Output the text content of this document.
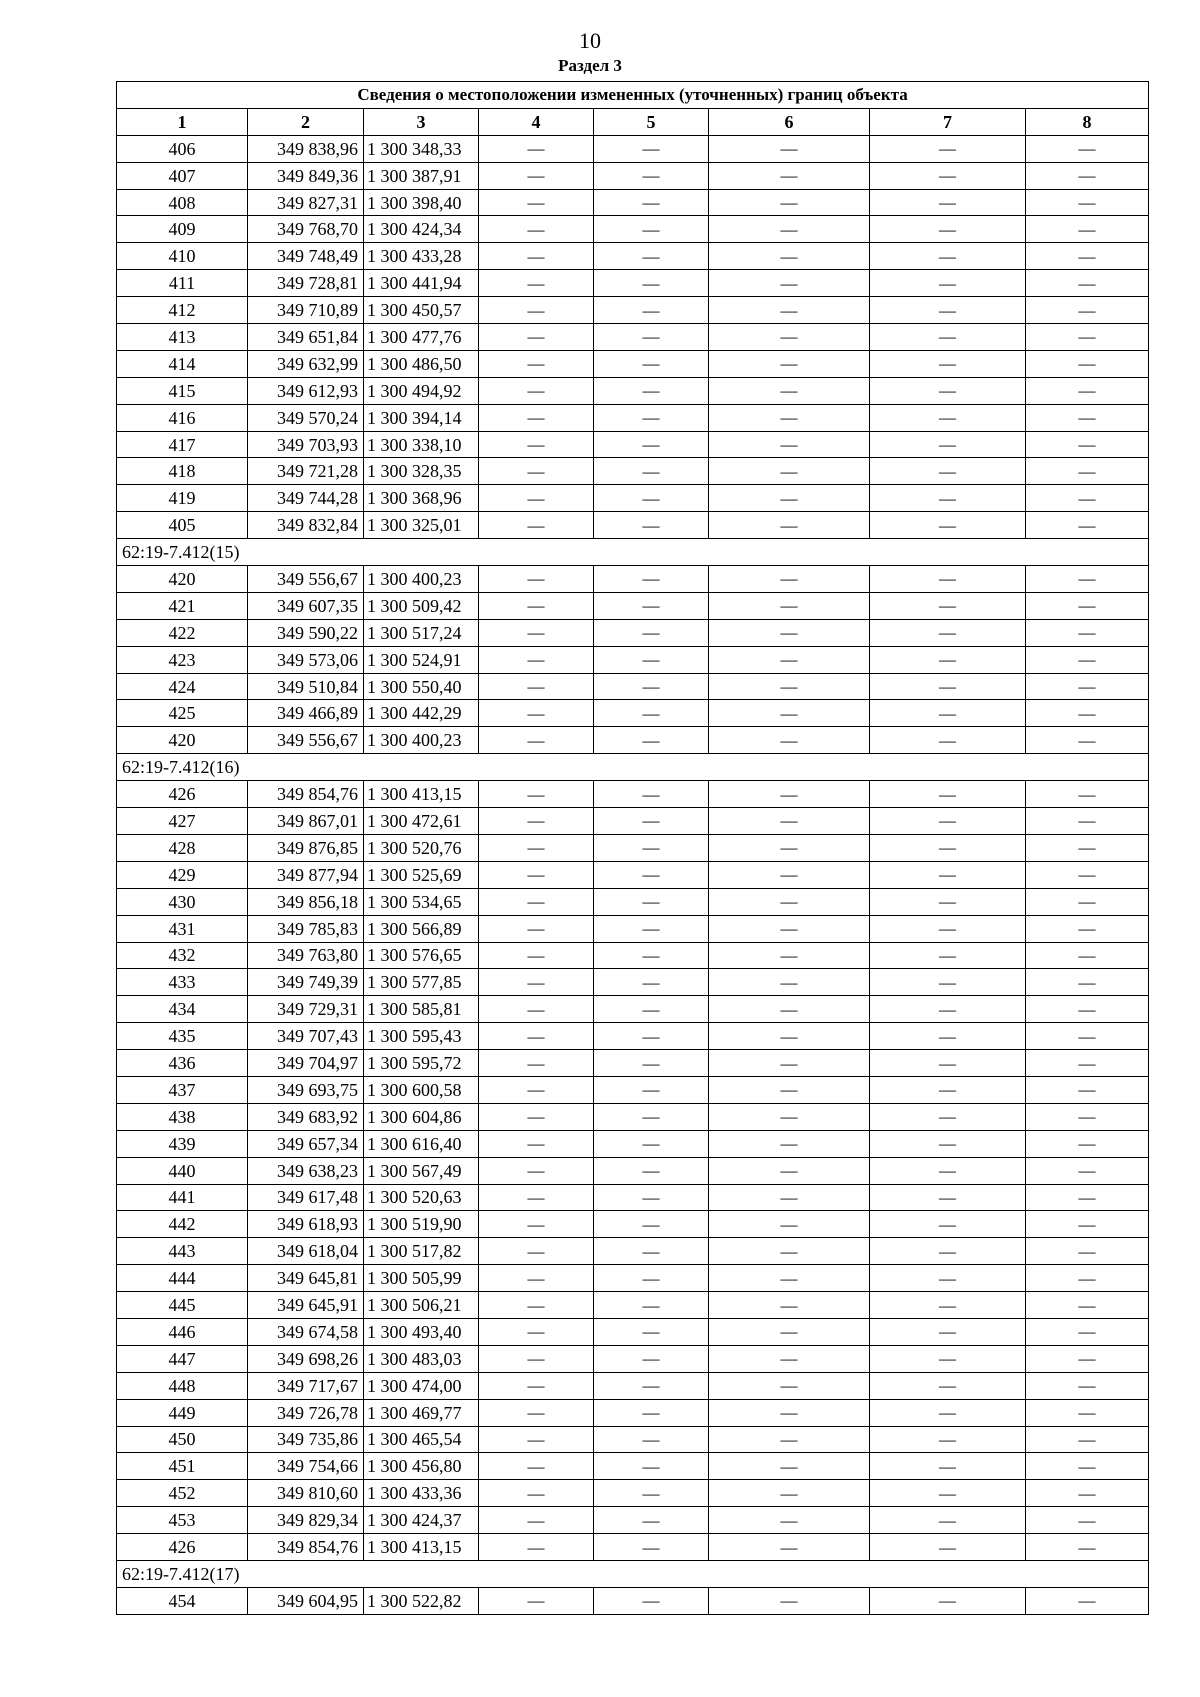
10
Раздел 3
Сведения о местоположении измененных (уточненных) границ объекта							
1	2	3	4	5	6	7	8
406	349 838,96	1 300 348,33	—	—	—	—	—
407	349 849,36	1 300 387,91	—	—	—	—	—
408	349 827,31	1 300 398,40	—	—	—	—	—
409	349 768,70	1 300 424,34	—	—	—	—	—
410	349 748,49	1 300 433,28	—	—	—	—	—
411	349 728,81	1 300 441,94	—	—	—	—	—
412	349 710,89	1 300 450,57	—	—	—	—	—
413	349 651,84	1 300 477,76	—	—	—	—	—
414	349 632,99	1 300 486,50	—	—	—	—	—
415	349 612,93	1 300 494,92	—	—	—	—	—
416	349 570,24	1 300 394,14	—	—	—	—	—
417	349 703,93	1 300 338,10	—	—	—	—	—
418	349 721,28	1 300 328,35	—	—	—	—	—
419	349 744,28	1 300 368,96	—	—	—	—	—
405	349 832,84	1 300 325,01	—	—	—	—	—
62:19-7.412(15)							
420	349 556,67	1 300 400,23	—	—	—	—	—
421	349 607,35	1 300 509,42	—	—	—	—	—
422	349 590,22	1 300 517,24	—	—	—	—	—
423	349 573,06	1 300 524,91	—	—	—	—	—
424	349 510,84	1 300 550,40	—	—	—	—	—
425	349 466,89	1 300 442,29	—	—	—	—	—
420	349 556,67	1 300 400,23	—	—	—	—	—
62:19-7.412(16)							
426	349 854,76	1 300 413,15	—	—	—	—	—
427	349 867,01	1 300 472,61	—	—	—	—	—
428	349 876,85	1 300 520,76	—	—	—	—	—
429	349 877,94	1 300 525,69	—	—	—	—	—
430	349 856,18	1 300 534,65	—	—	—	—	—
431	349 785,83	1 300 566,89	—	—	—	—	—
432	349 763,80	1 300 576,65	—	—	—	—	—
433	349 749,39	1 300 577,85	—	—	—	—	—
434	349 729,31	1 300 585,81	—	—	—	—	—
435	349 707,43	1 300 595,43	—	—	—	—	—
436	349 704,97	1 300 595,72	—	—	—	—	—
437	349 693,75	1 300 600,58	—	—	—	—	—
438	349 683,92	1 300 604,86	—	—	—	—	—
439	349 657,34	1 300 616,40	—	—	—	—	—
440	349 638,23	1 300 567,49	—	—	—	—	—
441	349 617,48	1 300 520,63	—	—	—	—	—
442	349 618,93	1 300 519,90	—	—	—	—	—
443	349 618,04	1 300 517,82	—	—	—	—	—
444	349 645,81	1 300 505,99	—	—	—	—	—
445	349 645,91	1 300 506,21	—	—	—	—	—
446	349 674,58	1 300 493,40	—	—	—	—	—
447	349 698,26	1 300 483,03	—	—	—	—	—
448	349 717,67	1 300 474,00	—	—	—	—	—
449	349 726,78	1 300 469,77	—	—	—	—	—
450	349 735,86	1 300 465,54	—	—	—	—	—
451	349 754,66	1 300 456,80	—	—	—	—	—
452	349 810,60	1 300 433,36	—	—	—	—	—
453	349 829,34	1 300 424,37	—	—	—	—	—
426	349 854,76	1 300 413,15	—	—	—	—	—
62:19-7.412(17)							
454	349 604,95	1 300 522,82	—	—	—	—	—
